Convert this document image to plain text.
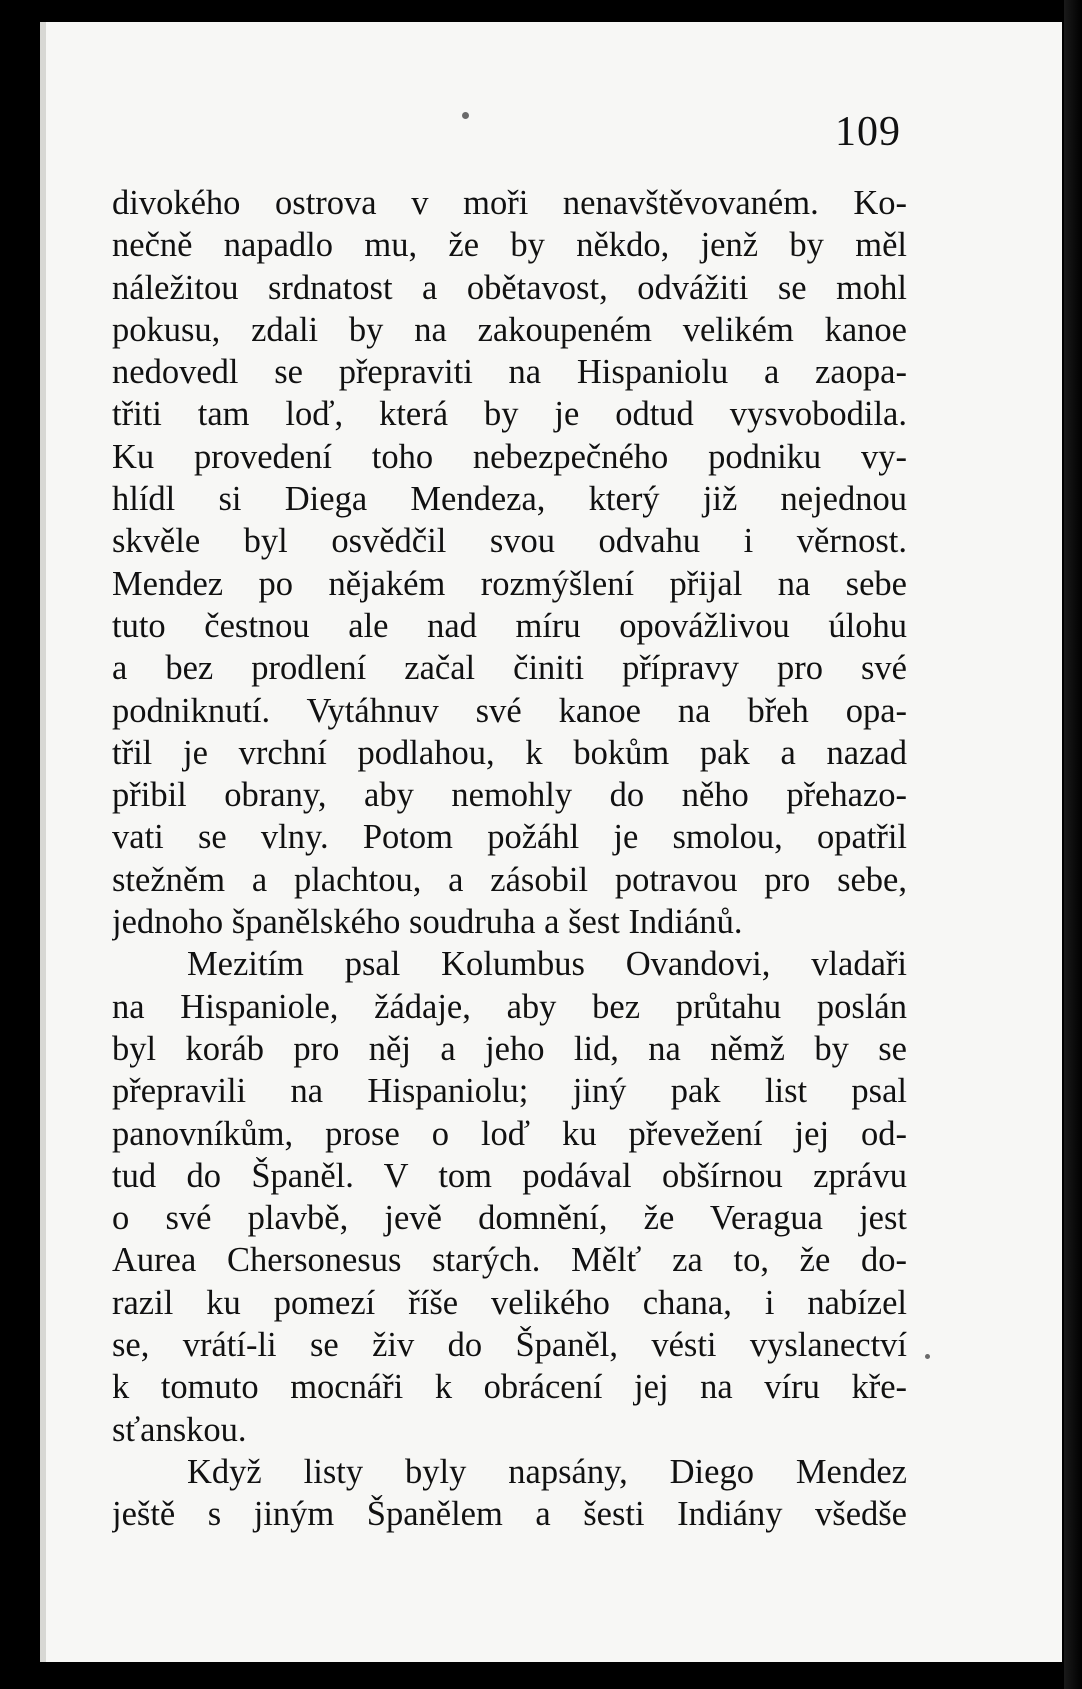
109
divokého ostrova v moři nenavštěvovaném. Ko-
nečně napadlo mu, že by někdo, jenž by měl
náležitou srdnatost a obětavost, odvážiti se mohl
pokusu, zdali by na zakoupeném velikém kanoe
nedovedl se přepraviti na Hispaniolu a zaopa-
třiti tam loď, která by je odtud vysvobodila.
Ku provedení toho nebezpečného podniku vy-
hlídl si Diega Mendeza, který již nejednou
skvěle byl osvědčil svou odvahu i věrnost.
Mendez po nějakém rozmýšlení přijal na sebe
tuto čestnou ale nad míru opovážlivou úlohu
a bez prodlení začal činiti přípravy pro své
podniknutí. Vytáhnuv své kanoe na břeh opa-
třil je vrchní podlahou, k bokům pak a nazad
přibil obrany, aby nemohly do něho přehazo-
vati se vlny. Potom požáhl je smolou, opatřil
stežněm a plachtou, a zásobil potravou pro sebe,
jednoho španělského soudruha a šest Indiánů.
Mezitím psal Kolumbus Ovandovi, vladaři
na Hispaniole, žádaje, aby bez průtahu poslán
byl koráb pro něj a jeho lid, na němž by se
přepravili na Hispaniolu; jiný pak list psal
panovníkům, prose o loď ku převežení jej od-
tud do Španěl. V tom podával obšírnou zprávu
o své plavbě, jevě domnění, že Veragua jest
Aurea Chersonesus starých. Mělť za to, že do-
razil ku pomezí říše velikého chana, i nabízel
se, vrátí-li se živ do Španěl, vésti vyslanectví
k tomuto mocnáři k obrácení jej na víru kře-
sťanskou.
Když listy byly napsány, Diego Mendez
ještě s jiným Španělem a šesti Indiány všedše
